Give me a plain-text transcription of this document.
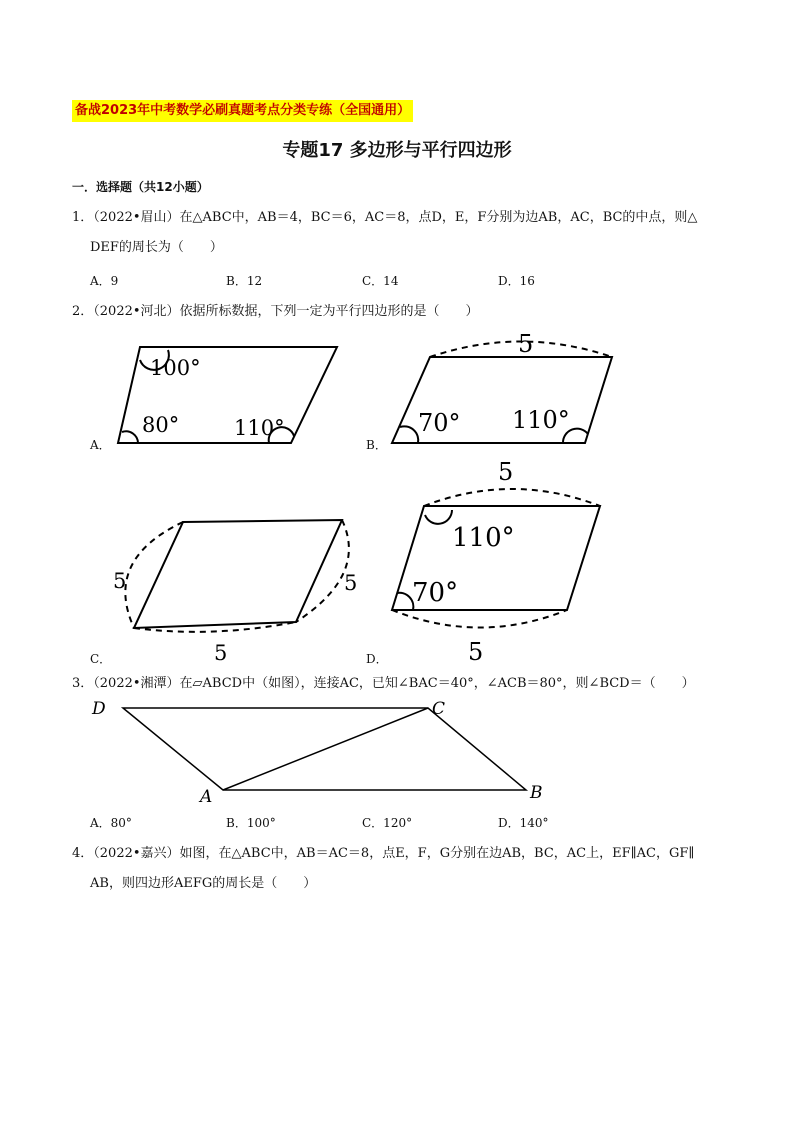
备战2023年中考数学必刷真题考点分类专练（全国通用）
专题17 多边形与平行四边形
一．选择题（共12小题）
1．（2022•眉山）在△ABC中，AB＝4，BC＝6，AC＝8，点D，E，F分别为边AB，AC，BC的中点，则△
DEF的周长为（　　）
A．9	B．12	C．14	D．16
2．（2022•河北）依据所标数据，下列一定为平行四边形的是（　　）
A．
100°
80°	110°
B．
5
70° 110°
C．
5	5
5	D．
5
5
110°
70°
3．（2022•湘潭）在▱ABCD中（如图），连接AC，已知∠BAC＝40°，∠ACB＝80°，则∠BCD＝（　　）
D	C
A	B
A．80°	B．100°	C．120°	D．140°
4．（2022•嘉兴）如图，在△ABC中，AB＝AC＝8，点E，F，G分别在边AB，BC，AC上，EF∥AC，GF∥
AB，则四边形AEFG的周长是（　　）
